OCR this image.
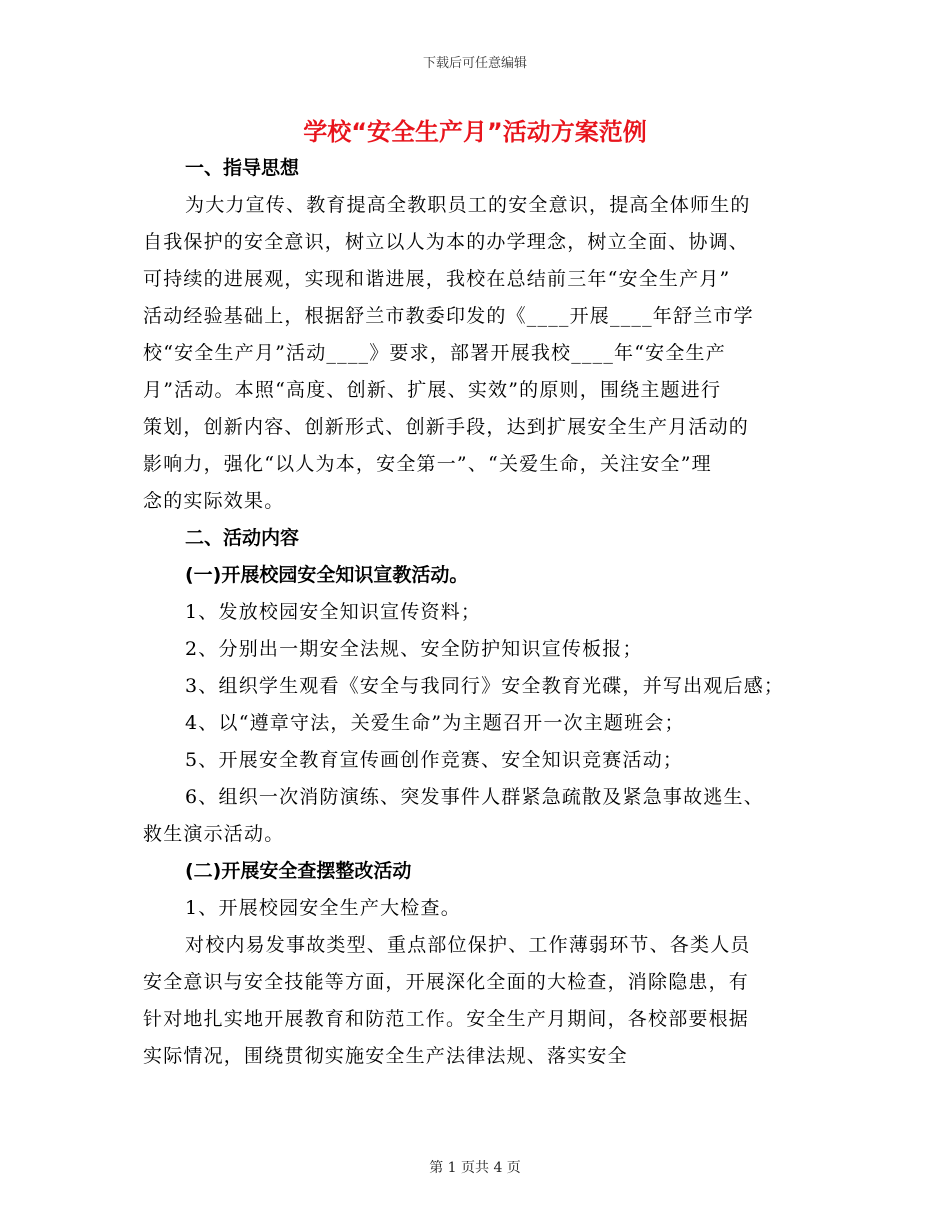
下载后可任意编辑
学校“安全生产月”活动方案范例

一、指导思想

为大力宣传、教育提高全教职员工的安全意识，提高全体师生的

自我保护的安全意识，树立以人为本的办学理念，树立全面、协调、

可持续的进展观，实现和谐进展，我校在总结前三年“安全生产月”

活动经验基础上，根据舒兰市教委印发的《____开展____年舒兰市学

校“安全生产月”活动____》要求，部署开展我校____年“安全生产

月”活动。本照“高度、创新、扩展、实效”的原则，围绕主题进行

策划，创新内容、创新形式、创新手段，达到扩展安全生产月活动的

影响力，强化“以人为本，安全第一”、“关爱生命，关注安全”理

念的实际效果。

二、活动内容

(一)开展校园安全知识宣教活动。

1、发放校园安全知识宣传资料；

2、分别出一期安全法规、安全防护知识宣传板报；

3、组织学生观看《安全与我同行》安全教育光碟，并写出观后感；

4、以“遵章守法，关爱生命”为主题召开一次主题班会；

5、开展安全教育宣传画创作竞赛、安全知识竞赛活动；

6、组织一次消防演练、突发事件人群紧急疏散及紧急事故逃生、

救生演示活动。

(二)开展安全查摆整改活动

1、开展校园安全生产大检查。

对校内易发事故类型、重点部位保护、工作薄弱环节、各类人员

安全意识与安全技能等方面，开展深化全面的大检查，消除隐患，有

针对地扎实地开展教育和防范工作。安全生产月期间，各校部要根据

实际情况，围绕贯彻实施安全生产法律法规、落实安全

第 1 页共 4 页
